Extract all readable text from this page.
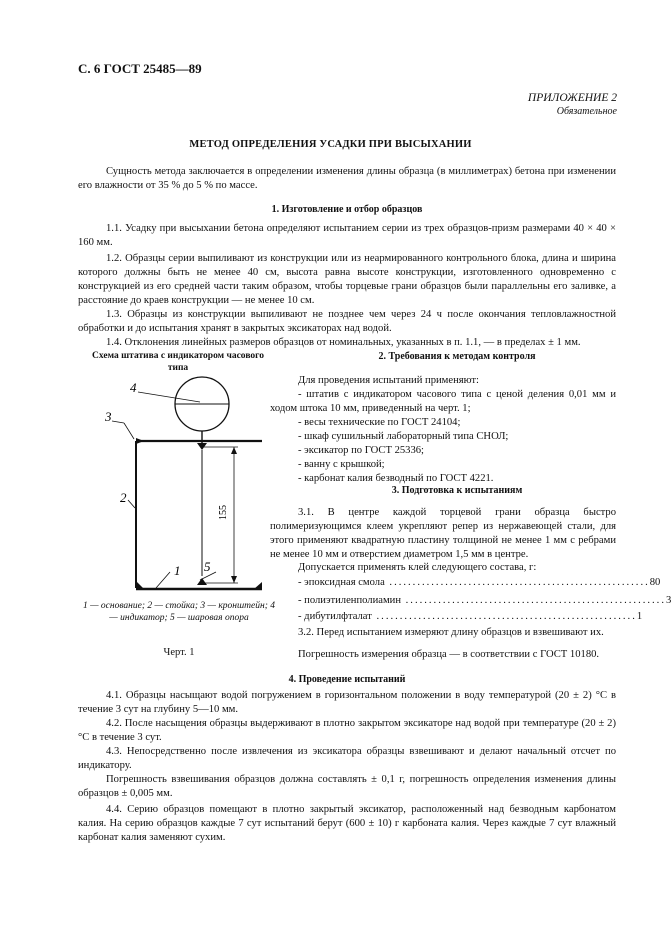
С. 6 ГОСТ 25485—89
ПРИЛОЖЕНИЕ 2
Обязательное
МЕТОД ОПРЕДЕЛЕНИЯ УСАДКИ ПРИ ВЫСЫХАНИИ
Сущность метода заключается в определении изменения длины образца (в миллиметрах) бетона при изменении его влажности от 35 % до 5 % по массе.
1. Изготовление и отбор образцов
1.1. Усадку при высыхании бетона определяют испытанием серии из трех образцов-призм размерами 40 × 40 × 160 мм.
1.2. Образцы серии выпиливают из конструкции или из неармированного контрольного блока, длина и ширина которого должны быть не менее 40 см, высота равна высоте конструкции, изготовленного одновременно с конструкцией из его средней части таким образом, чтобы торцевые грани образцов были параллельны его заливке, а расстояние до краев конструкции — не менее 10 см.
1.3. Образцы из конструкции выпиливают не позднее чем через 24 ч после окончания тепловлажностной обработки и до испытания хранят в закрытых эксикаторах над водой.
1.4. Отклонения линейных размеров образцов от номинальных, указанных в п. 1.1, — в пределах ± 1 мм.
Схема штатива с индикатором часового типа
155
4
3
2
1 5
1 — основание; 2 — стойка; 3 — кронштейн; 4 — индикатор; 5 — шаровая опора
Черт. 1
2. Требования к методам контроля
Для проведения испытаний применяют:
- штатив с индикатором часового типа с ценой деления 0,01 мм и ходом штока 10 мм, приведенный на черт. 1;
- весы технические по ГОСТ 24104;
- шкаф сушильный лабораторный типа СНОЛ;
- эксикатор по ГОСТ 25336;
- ванну с крышкой;
- карбонат калия безводный по ГОСТ 4221.
3. Подготовка к испытаниям
3.1. В центре каждой торцевой грани образца быстро полимеризующимся клеем укрепляют репер из нержавеющей стали, для этого применяют квадратную пластину толщиной не менее 1 мм с ребрами не менее 10 мм и отверстием диаметром 1,5 мм в центре.
Допускается применять клей следующего состава, г:
- эпоксидная смола ........................................................ 80
- полиэтиленполиамин ........................................................ 3
- дибутилфталат ........................................................ 1
3.2. Перед испытанием измеряют длину образцов и взвешивают их.
Погрешность измерения образца — в соответствии с ГОСТ 10180.
4. Проведение испытаний
4.1. Образцы насыщают водой погружением в горизонтальном положении в воду температурой (20 ± 2) °С в течение 3 сут на глубину 5—10 мм.
4.2. После насыщения образцы выдерживают в плотно закрытом эксикаторе над водой при температуре (20 ± 2) °С в течение 3 сут.
4.3. Непосредственно после извлечения из эксикатора образцы взвешивают и делают начальный отсчет по индикатору.
Погрешность взвешивания образцов должна составлять ± 0,1 г, погрешность определения изменения длины образцов ± 0,005 мм.
4.4. Серию образцов помещают в плотно закрытый эксикатор, расположенный над безводным карбонатом калия. На серию образцов каждые 7 сут испытаний берут (600 ± 10) г карбоната калия. Через каждые 7 сут влажный карбонат калия заменяют сухим.
